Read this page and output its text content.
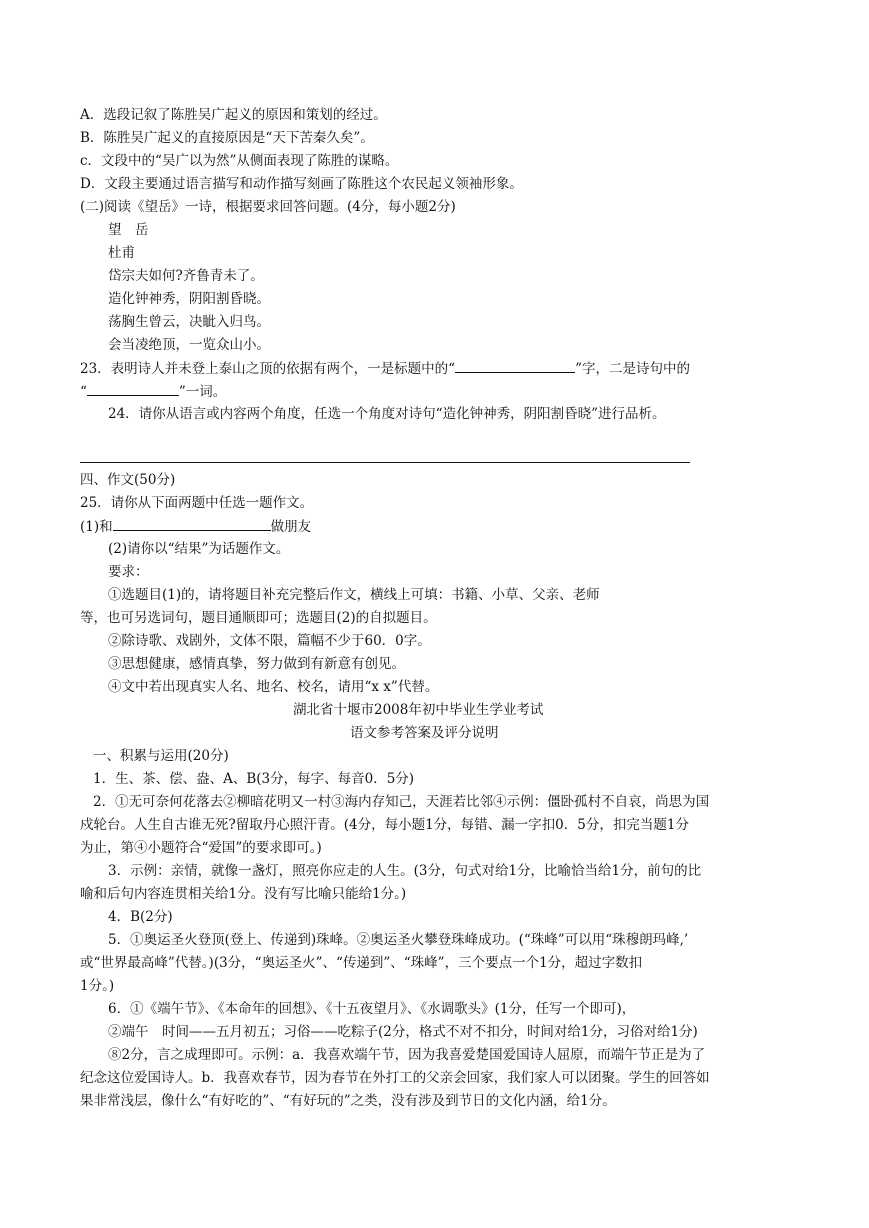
A．选段记叙了陈胜吴广起义的原因和策划的经过。
B．陈胜吴广起义的直接原因是“天下苦秦久矣”。
c．文段中的“吴广以为然”从侧面表现了陈胜的谋略。
D．文段主要通过语言描写和动作描写刻画了陈胜这个农民起义领袖形象。
(二)阅读《望岳》一诗，根据要求回答问题。(4分，每小题2分)
望　岳
杜甫
岱宗夫如何?齐鲁青未了。
造化钟神秀，阴阳割昏晓。
荡胸生曾云，决眦入归鸟。
会当凌绝顶，一览众山小。
23．表明诗人并未登上泰山之顶的依据有两个，一是标题中的“	”字，二是诗句中的
“	”一词。
24．请你从语言或内容两个角度，任选一个角度对诗句“造化钟神秀，阴阳割昏晓”进行品析。
四、作文(50分)
25．请你从下面两题中任选一题作文。
(1)和	做朋友
(2)请你以“结果”为话题作文。
要求：
①选题目(1)的，请将题目补充完整后作文，横线上可填：书籍、小草、父亲、老师
等，也可另选词句，题目通顺即可；选题目(2)的自拟题目。
②除诗歌、戏剧外，文体不限，篇幅不少于60．0字。
③思想健康，感情真挚，努力做到有新意有创见。
④文中若出现真实人名、地名、校名，请用“x x”代替。
湖北省十堰市2008年初中毕业生学业考试
语文参考答案及评分说明
一、积累与运用(20分)
1．生、茶、偿、盎、A、B(3分，每字、每音0．5分)
2．①无可奈何花落去②柳暗花明又一村③海内存知己，天涯若比邻④示例：僵卧孤村不自哀，尚思为国
戍轮台。人生自古谁无死?留取丹心照汗青。(4分，每小题1分，每错、漏一字扣0．5分，扣完当题1分
为止，第④小题符合“爱国”的要求即可。)
3．示例：亲情，就像一盏灯，照亮你应走的人生。(3分，句式对给1分，比喻恰当给1分，前句的比
喻和后句内容连贯相关给1分。没有写比喻只能给1分。)
4．B(2分)
5．①奥运圣火登顶(登上、传递到)珠峰。②奥运圣火攀登珠峰成功。(“珠峰”可以用“珠穆朗玛峰,’
或“世界最高峰”代替。)(3分，“奥运圣火”、“传递到”、“珠峰”，三个要点一个1分，超过字数扣
1分。)
6．①《端午节》、《本命年的回想》、《十五夜望月》、《水调歌头》(1分，任写一个即可)，
②端午　时间——五月初五；习俗——吃粽子(2分，格式不对不扣分，时间对给1分，习俗对给1分)
⑧2分，言之成理即可。示例：a．我喜欢端午节，因为我喜爱楚国爱国诗人屈原，而端午节正是为了
纪念这位爱国诗人。b．我喜欢春节，因为春节在外打工的父亲会回家，我们家人可以团聚。学生的回答如
果非常浅层，像什么“有好吃的”、“有好玩的”之类，没有涉及到节日的文化内涵，给1分。
